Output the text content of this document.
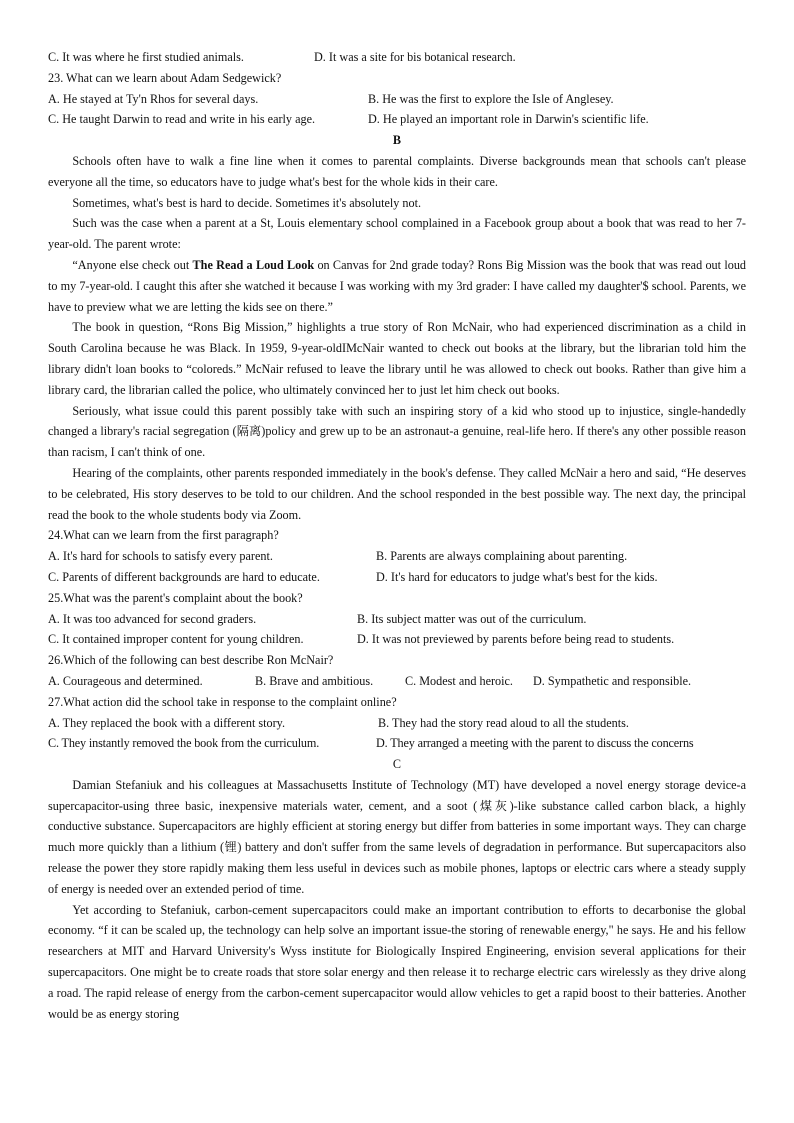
C. It was where he first studied animals.	D. It was a site for bis botanical research.
23. What can we learn about Adam Sedgewick?
A. He stayed at Ty'n Rhos for several days.	B. He was the first to explore the Isle of Anglesey.
C. He taught Darwin to read and write in his early age.	D. He played an important role in Darwin's scientific life.
B

Schools often have to walk a fine line when it comes to parental complaints. Diverse backgrounds mean that schools can't please everyone all the time, so educators have to judge what's best for the whole kids in their care.

Sometimes, what's best is hard to decide. Sometimes it's absolutely not.

Such was the case when a parent at a St, Louis elementary school complained in a Facebook group about a book that was read to her 7-year-old. The parent wrote:

“Anyone else check out The Read a Loud Look on Canvas for 2nd grade today? Rons Big Mission was the book that was read out loud to my 7-year-old. I caught this after she watched it because I was working with my 3rd grader: I have called my daughter'$ school. Parents, we have to preview what we are letting the kids see on there.”

The book in question, “Rons Big Mission,” highlights a true story of Ron McNair, who had experienced discrimination as a child in South Carolina because he was Black. In 1959, 9-year-oldIMcNair wanted to check out books at the library, but the librarian told him the library didn't loan books to “coloreds.” McNair refused to leave the library until he was allowed to check out books. Rather than give him a library card, the librarian called the police, who ultimately convinced her to just let him check out books.

Seriously, what issue could this parent possibly take with such an inspiring story of a kid who stood up to injustice, single-handedly changed a library's racial segregation (隔离)policy and grew up to be an astronaut-a genuine, real-life hero. If there's any other possible reason than racism, I can't think of one.

Hearing of the complaints, other parents responded immediately in the book's defense. They called McNair a hero and said, “He deserves to be celebrated, His story deserves to be told to our children. And the school responded in the best possible way. The next day, the principal read the book to the whole students body via Zoom.

24.What can we learn from the first paragraph?
A. It's hard for schools to satisfy every parent.	B. Parents are always complaining about parenting.
C. Parents of different backgrounds are hard to educate.	D. It's hard for educators to judge what's best for the kids.
25.What was the parent's complaint about the book?
A. It was too advanced for second graders.	B. Its subject matter was out of the curriculum.
C. It contained improper content for young children.	D. It was not previewed by parents before being read to students.
26.Which of the following can best describe Ron McNair?
A. Courageous and determined.	B. Brave and ambitious.	C. Modest and heroic.	D. Sympathetic and responsible.
27.What action did the school take in response to the complaint online?
A. They replaced the book with a different story.	B. They had the story read aloud to all the students.
C. They instantly removed the book from the curriculum.	D. They arranged a meeting with the parent to discuss the concerns
C

Damian Stefaniuk and his colleagues at Massachusetts Institute of Technology (MT) have developed a novel energy storage device-a supercapacitor-using three basic, inexpensive materials water, cement, and a soot (煤灰)-like substance called carbon black, a highly conductive substance. Supercapacitors are highly efficient at storing energy but differ from batteries in some important ways. They can charge much more quickly than a lithium (锂) battery and don't suffer from the same levels of degradation in performance. But supercapacitors also release the power they store rapidly making them less useful in devices such as mobile phones, laptops or electric cars where a steady supply of energy is needed over an extended period of time.

Yet according to Stefaniuk, carbon-cement supercapacitors could make an important contribution to efforts to decarbonise the global economy. “f it can be scaled up, the technology can help solve an important issue-the storing of renewable energy," he says. He and his fellow researchers at MIT and Harvard University's Wyss institute for Biologically Inspired Engineering, envision several applications for their supercapacitors. One might be to create roads that store solar energy and then release it to recharge electric cars wirelessly as they drive along a road. The rapid release of energy from the carbon-cement supercapacitor would allow vehicles to get a rapid boost to their batteries. Another would be as energy storing
